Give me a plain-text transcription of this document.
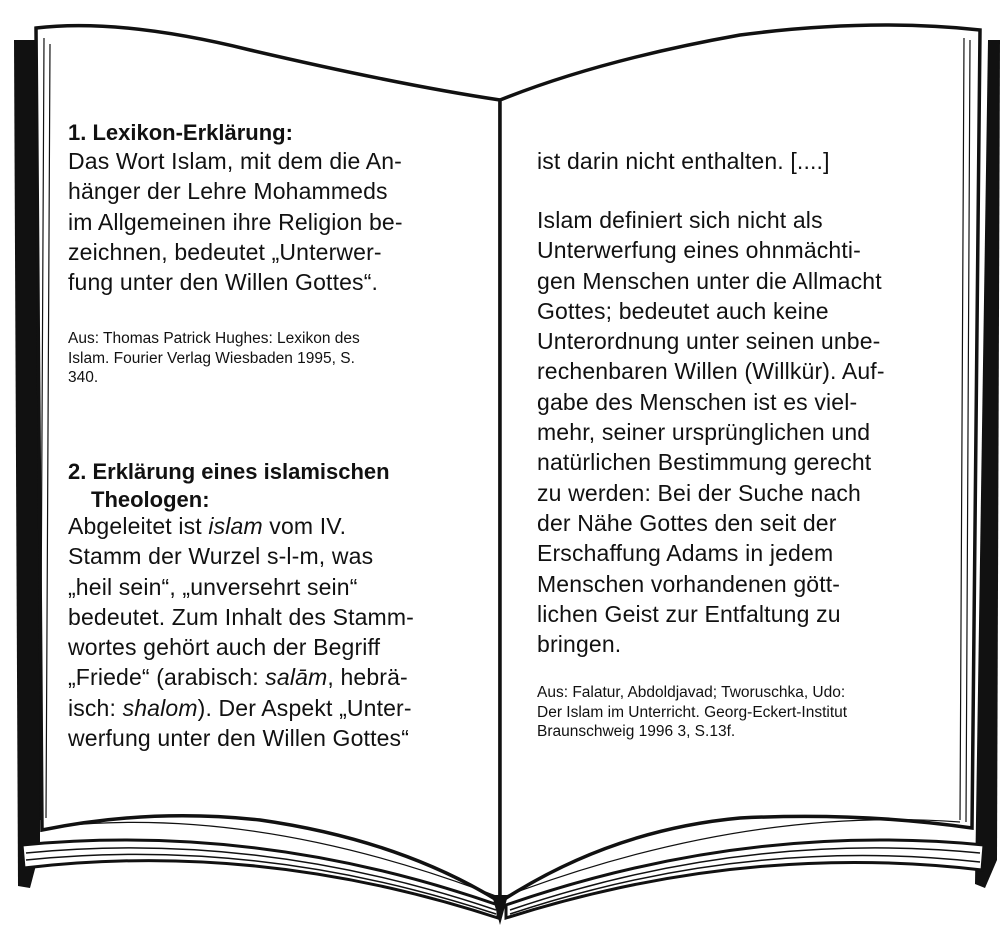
1. Lexikon-Erklärung:
Das Wort Islam, mit dem die An-
hänger der Lehre Mohammeds
im Allgemeinen ihre Religion be-
zeichnen, bedeutet „Unterwer-
fung unter den Willen Gottes“.
Aus: Thomas Patrick Hughes: Lexikon des
Islam. Fourier Verlag Wiesbaden 1995, S.
340.
2. Erklärung eines islamischen
Theologen:
Abgeleitet ist islam vom IV.
Stamm der Wurzel s-l-m, was
„heil sein“, „unversehrt sein“
bedeutet. Zum Inhalt des Stamm-
wortes gehört auch der Begriff
„Friede“ (arabisch: salām, hebrä-
isch: shalom). Der Aspekt „Unter-
werfung unter den Willen Gottes“
ist darin nicht enthalten. [....]
Islam definiert sich nicht als
Unterwerfung eines ohnmächti-
gen Menschen unter die Allmacht
Gottes; bedeutet auch keine
Unterordnung unter seinen unbe-
rechenbaren Willen (Willkür). Auf-
gabe des Menschen ist es viel-
mehr, seiner ursprünglichen und
natürlichen Bestimmung gerecht
zu werden: Bei der Suche nach
der Nähe Gottes den seit der
Erschaffung Adams in jedem
Menschen vorhandenen gött-
lichen Geist zur Entfaltung zu
bringen.
Aus: Falatur, Abdoldjavad; Tworuschka, Udo:
Der Islam im Unterricht. Georg-Eckert-Institut
Braunschweig 1996 3, S.13f.
